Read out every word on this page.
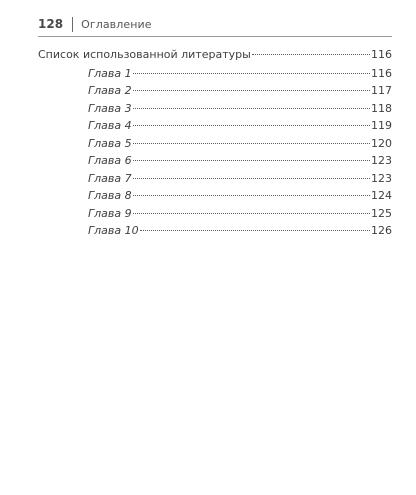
128 Оглавление
Список использованной литературы	116
Глава 1	116
Глава 2	117
Глава 3	118
Глава 4	119
Глава 5	120
Глава 6	123
Глава 7	123
Глава 8	124
Глава 9	125
Глава 10	126
